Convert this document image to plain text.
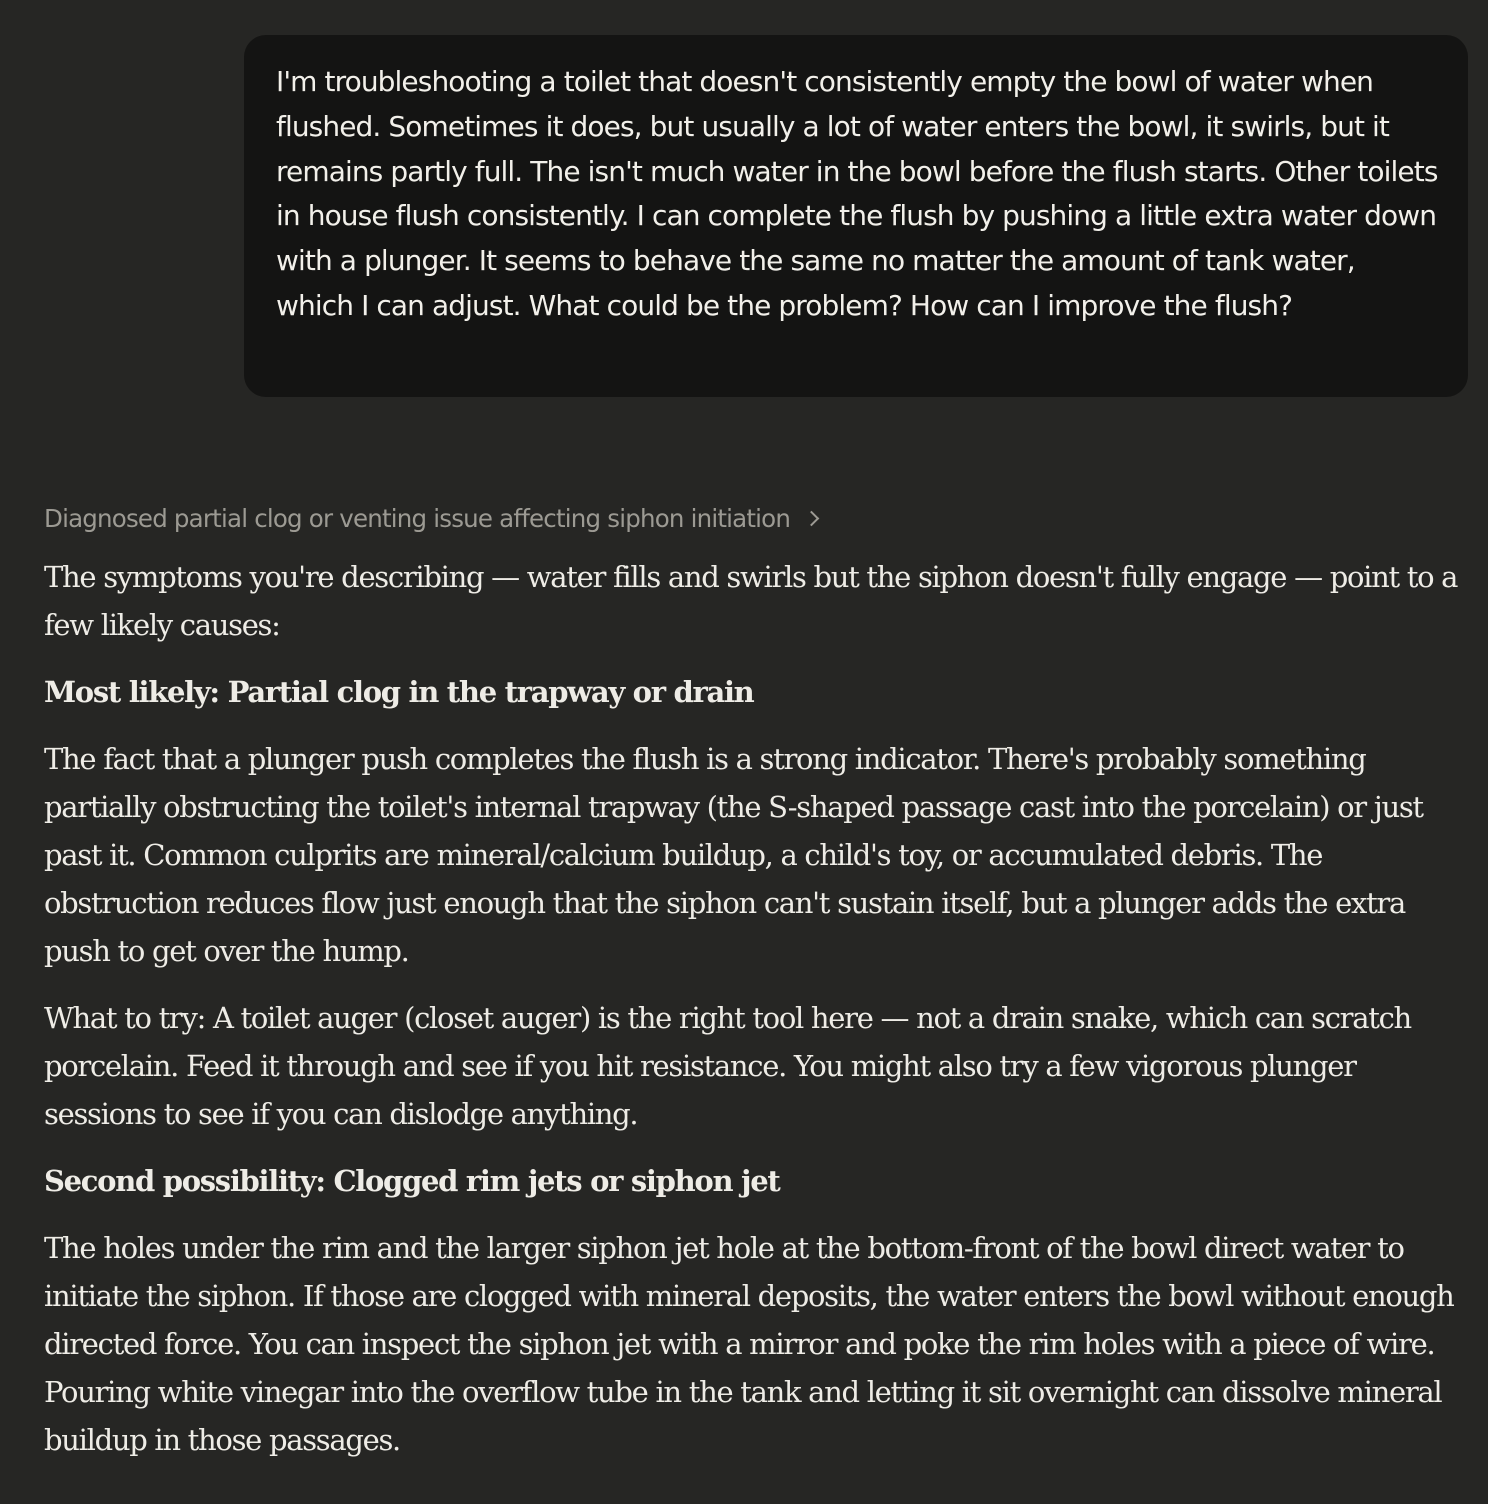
I'm troubleshooting a toilet that doesn't consistently empty the bowl of water when flushed. Sometimes it does, but usually a lot of water enters the bowl, it swirls, but it remains partly full. The isn't much water in the bowl before the flush starts. Other toilets in house flush consistently. I can complete the flush by pushing a little extra water down with a plunger. It seems to behave the same no matter the amount of tank water, which I can adjust. What could be the problem? How can I improve the flush?

Diagnosed partial clog or venting issue affecting siphon initiation

The symptoms you're describing — water fills and swirls but the siphon doesn't fully engage — point to a few likely causes:

Most likely: Partial clog in the trapway or drain

The fact that a plunger push completes the flush is a strong indicator. There's probably something partially obstructing the toilet's internal trapway (the S-shaped passage cast into the porcelain) or just past it. Common culprits are mineral/calcium buildup, a child's toy, or accumulated debris. The obstruction reduces flow just enough that the siphon can't sustain itself, but a plunger adds the extra push to get over the hump.

What to try: A toilet auger (closet auger) is the right tool here — not a drain snake, which can scratch porcelain. Feed it through and see if you hit resistance. You might also try a few vigorous plunger sessions to see if you can dislodge anything.

Second possibility: Clogged rim jets or siphon jet

The holes under the rim and the larger siphon jet hole at the bottom-front of the bowl direct water to initiate the siphon. If those are clogged with mineral deposits, the water enters the bowl without enough directed force. You can inspect the siphon jet with a mirror and poke the rim holes with a piece of wire. Pouring white vinegar into the overflow tube in the tank and letting it sit overnight can dissolve mineral buildup in those passages.
